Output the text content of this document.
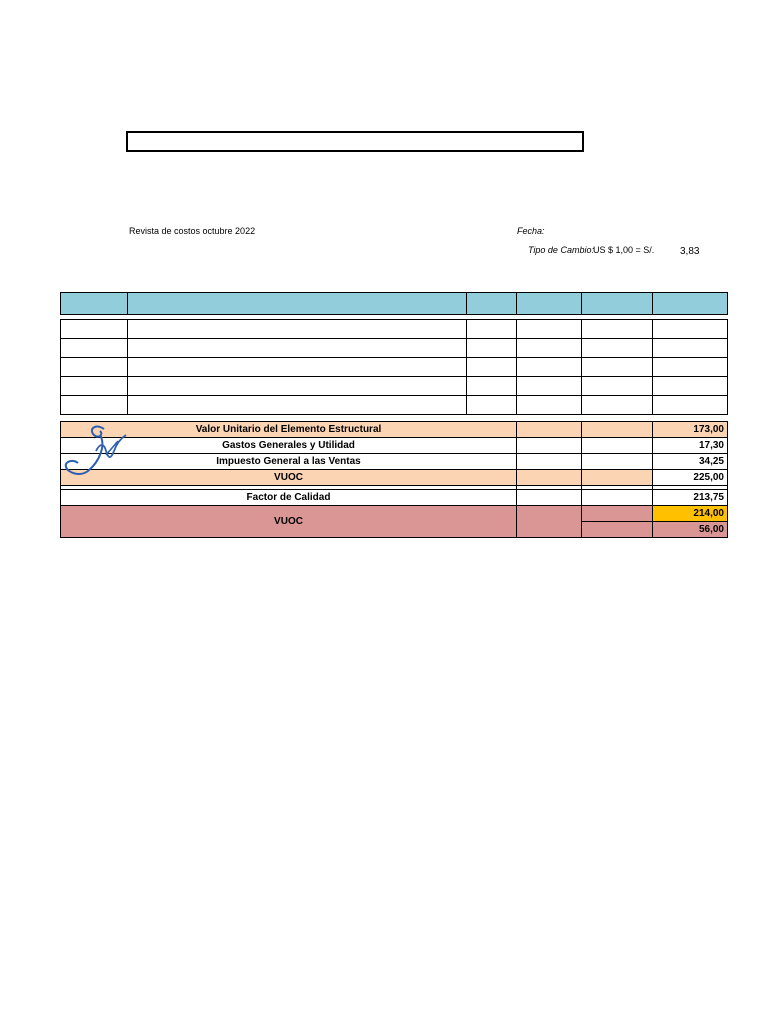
Revista de costos octubre 2022	Fecha:
Tipo de Cambio: US $ 1,00 = S/.	3,83

Valor Unitario del Elemento Estructural			173,00
Gastos Generales y Utilidad			17,30
Impuesto General a las Ventas			34,25
VUOC			225,00

Factor de Calidad			213,75
VUOC			214,00
			56,00
